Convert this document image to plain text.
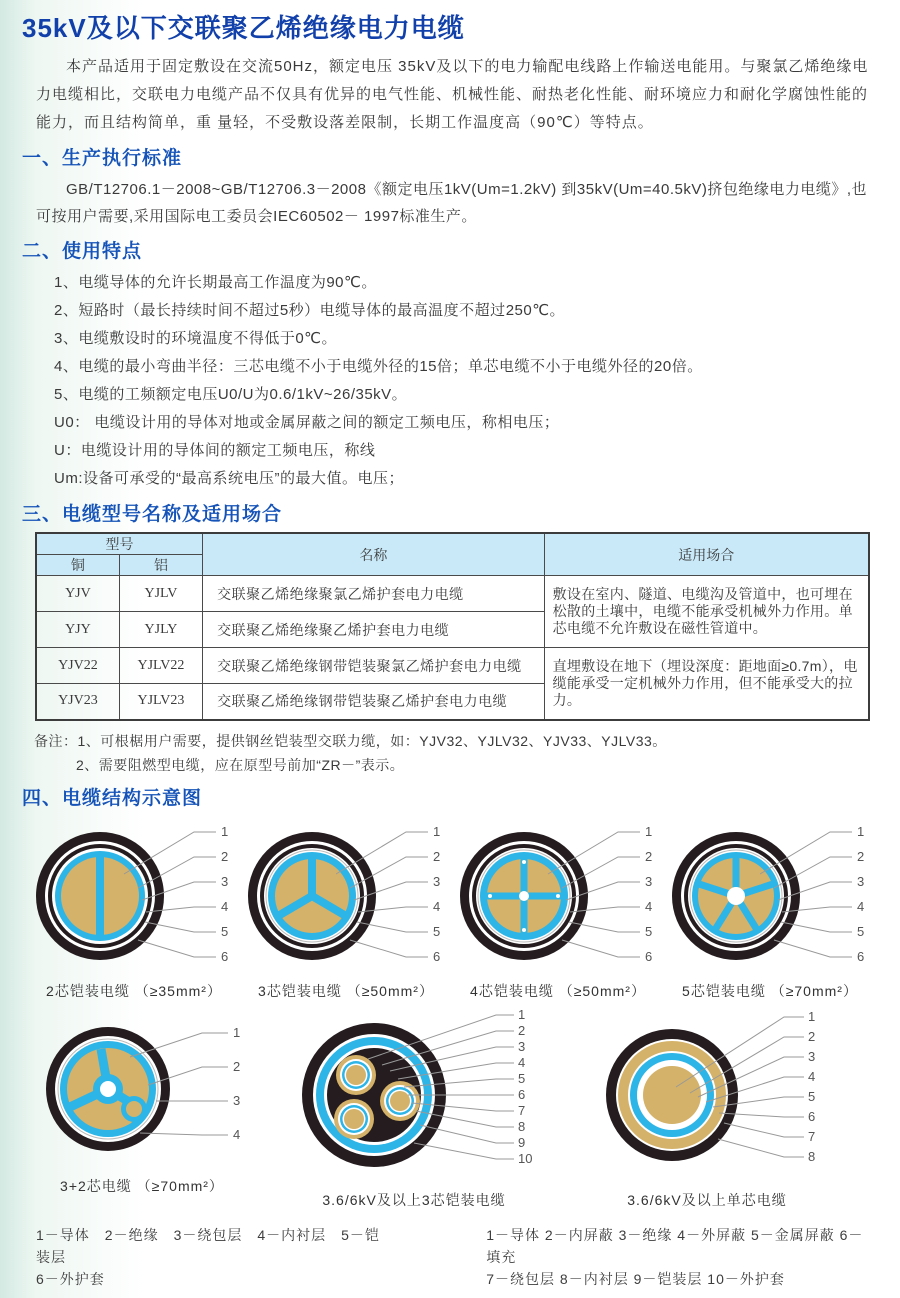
35kV及以下交联聚乙烯绝缘电力电缆

本产品适用于固定敷设在交流50Hz，额定电压 35kV及以下的电力输配电线路上作输送电能用。与聚氯乙烯绝缘电力电缆相比，交联电力电缆产品不仅具有优异的电气性能、机械性能、耐热老化性能、耐环境应力和耐化学腐蚀性能的能力，而且结构简单，重 量轻，不受敷设落差限制，长期工作温度高（90℃）等特点。

一、生产执行标准

GB/T12706.1－2008~GB/T12706.3－2008《额定电压1kV(Um=1.2kV) 到35kV(Um=40.5kV)挤包绝缘电力电缆》,也可按用户需要,采用国际电工委员会IEC60502－ 1997标准生产。

二、使用特点

1、电缆导体的允许长期最高工作温度为90℃。

2、短路时（最长持续时间不超过5秒）电缆导体的最高温度不超过250℃。

3、电缆敷设时的环境温度不得低于0℃。

4、电缆的最小弯曲半径：三芯电缆不小于电缆外径的15倍；单芯电缆不小于电缆外径的20倍。

5、电缆的工频额定电压U0/U为0.6/1kV~26/35kV。

U0： 电缆设计用的导体对地或金属屏蔽之间的额定工频电压，称相电压；

U：电缆设计用的导体间的额定工频电压，称线

Um:设备可承受的“最高系统电压”的最大值。电压；

三、电缆型号名称及适用场合
型号		名称	适用场合
铜	铝		
YJV	YJLV	交联聚乙烯绝缘聚氯乙烯护套电力电缆	敷设在室内、隧道、电缆沟及管道中，也可埋在松散的土壤中，电缆不能承受机械外力作用。单芯电缆不允许敷设在磁性管道中。
YJY	YJLY	交联聚乙烯绝缘聚乙烯护套电力电缆	
YJV22	YJLV22	交联聚乙烯绝缘钢带铠装聚氯乙烯护套电力电缆	直埋敷设在地下（埋设深度：距地面≥0.7m），电缆能承受一定机械外力作用，但不能承受大的拉力。
YJV23	YJLV23	交联聚乙烯绝缘钢带铠装聚乙烯护套电力电缆	

备注：1、可根椐用户需要，提供钢丝铠装型交联力缆，如：YJV32、YJLV32、YJV33、YJLV33。

2、需要阻燃型电缆，应在原型号前加“ZR－”表示。

四、电缆结构示意图
1
2
3
4
5
6
2芯铠装电缆 （≥35mm²）
1
2
3
4
5
6
3芯铠装电缆 （≥50mm²）
1
2
3
4
5
6
4芯铠装电缆 （≥50mm²）
1
2
3
4
5
6
5芯铠装电缆 （≥70mm²）
1
2
3
4
3+2芯电缆 （≥70mm²）
1
2
3
4
5
6
7
8
9
10
3.6/6kV及以上3芯铠装电缆
1
2
3
4
5
6
7
8
3.6/6kV及以上单芯电缆

1－导体　2－绝缘　3－绕包层　4－内衬层　5－铠装层

6－外护套

1－导体 2－内屏蔽 3－绝缘 4－外屏蔽 5－金属屏蔽 6－填充

7－绕包层 8－内衬层 9－铠装层 10－外护套
